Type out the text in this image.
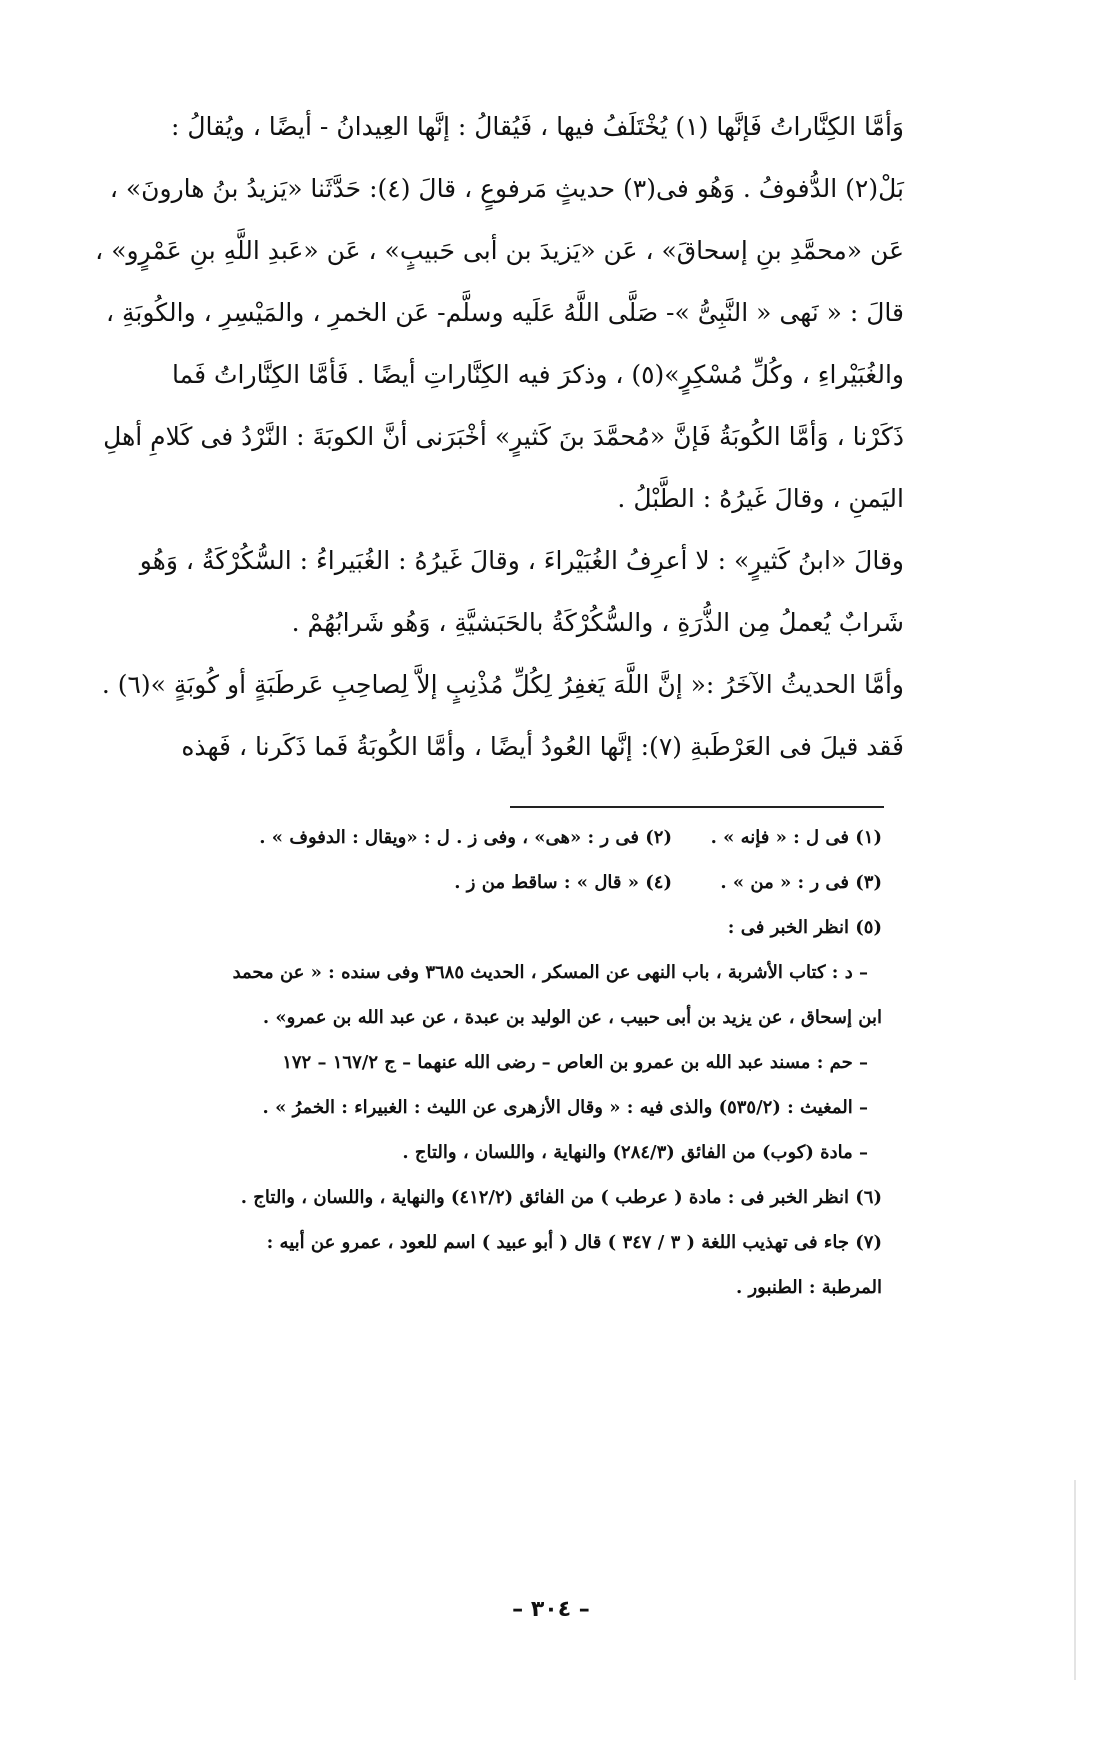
وَأمَّا الكِنَّاراتُ فَإنَّها (١) يُخْتَلَفُ فيها ، فَيُقالُ : إنَّها العِيدانُ - أيضًا ، ويُقالُ :

بَلْ(٢) الدُّفوفُ . وَهُو فى(٣) حديثٍ مَرفوعٍ ، قالَ (٤): حَدَّثَنا «يَزيدُ بنُ هارونَ» ،

عَن «محمَّدِ بنِ إسحاقَ» ، عَن «يَزيدَ بن أبى حَبيبٍ» ، عَن «عَبدِ اللَّهِ بنِ عَمْرٍو» ،

قالَ : « نَهى « النَّبِىُّ »- صَلَّى اللَّهُ عَلَيه وسلَّم- عَن الخمرِ ، والمَيْسِرِ ، والكُوبَةِ ،

والغُبَيْراءِ ، وكُلِّ مُسْكِرٍ»(٥) ، وذكرَ فيه الكِنَّاراتِ أيضًا . فَأمَّا الكِنَّاراتُ فَما

ذَكَرْنا ، وَأمَّا الكُوبَةُ فَإنَّ «مُحمَّدَ بنَ كَثيرٍ» أخْبَرَنى أنَّ الكوبَةَ : النَّرْدُ فى كَلامِ أهلِ

اليَمنِ ، وقالَ غَيرُهُ : الطَّبْلُ .

وقالَ «ابنُ كَثيرٍ» : لا أعرِفُ الغُبَيْراءَ ، وقالَ غَيرُهُ : الغُبَيراءُ : السُّكُرْكَةُ ، وَهُو

شَرابٌ يُعملُ مِن الذُّرَةِ ، والسُّكُرْكَةُ بالحَبَشيَّةِ ، وَهُو شَرابُهُمْ .

وأمَّا الحديثُ الآخَرُ :« إنَّ اللَّهَ يَغفِرُ لِكُلِّ مُذْنِبٍ إلاَّ لِصاحِبِ عَرطَبَةٍ أو كُوبَةٍ »(٦) .

فَقد قيلَ فى العَرْطَبةِ (٧): إنَّها العُودُ أيضًا ، وأمَّا الكُوبَةُ فَما ذَكَرنا ، فَهذه

(١) فى ل : « فإنه » .
(٢) فى ر : «هى» ، وفى ز . ل : «ويقال : الدفوف » .
(٣) فى ر : « من » .
(٤) « قال » : ساقط من ز .

(٥) انظر الخبر فى :

– د : كتاب الأشربة ، باب النهى عن المسكر ، الحديث ٣٦٨٥ وفى سنده : « عن محمد

ابن إسحاق ، عن يزيد بن أبى حبيب ، عن الوليد بن عبدة ، عن عبد الله بن عمرو» .

– حم : مسند عبد الله بن عمرو بن العاص – رضى الله عنهما – ج ١٦٧/٢ – ١٧٢

– المغيث : (٥٣٥/٢) والذى فيه : « وقال الأزهرى عن الليث : الغبيراء : الخمرُ » .

– مادة (كوب) من الفائق (٢٨٤/٣) والنهاية ، واللسان ، والتاج .

(٦) انظر الخبر فى : مادة ( عرطب ) من الفائق (٤١٢/٢) والنهاية ، واللسان ، والتاج .

(٧) جاء فى تهذيب اللغة ( ٣ / ٣٤٧ ) قال ( أبو عبيد ) اسم للعود ، عمرو عن أبيه :

المرطبة : الطنبور .

– ٣٠٤ –
